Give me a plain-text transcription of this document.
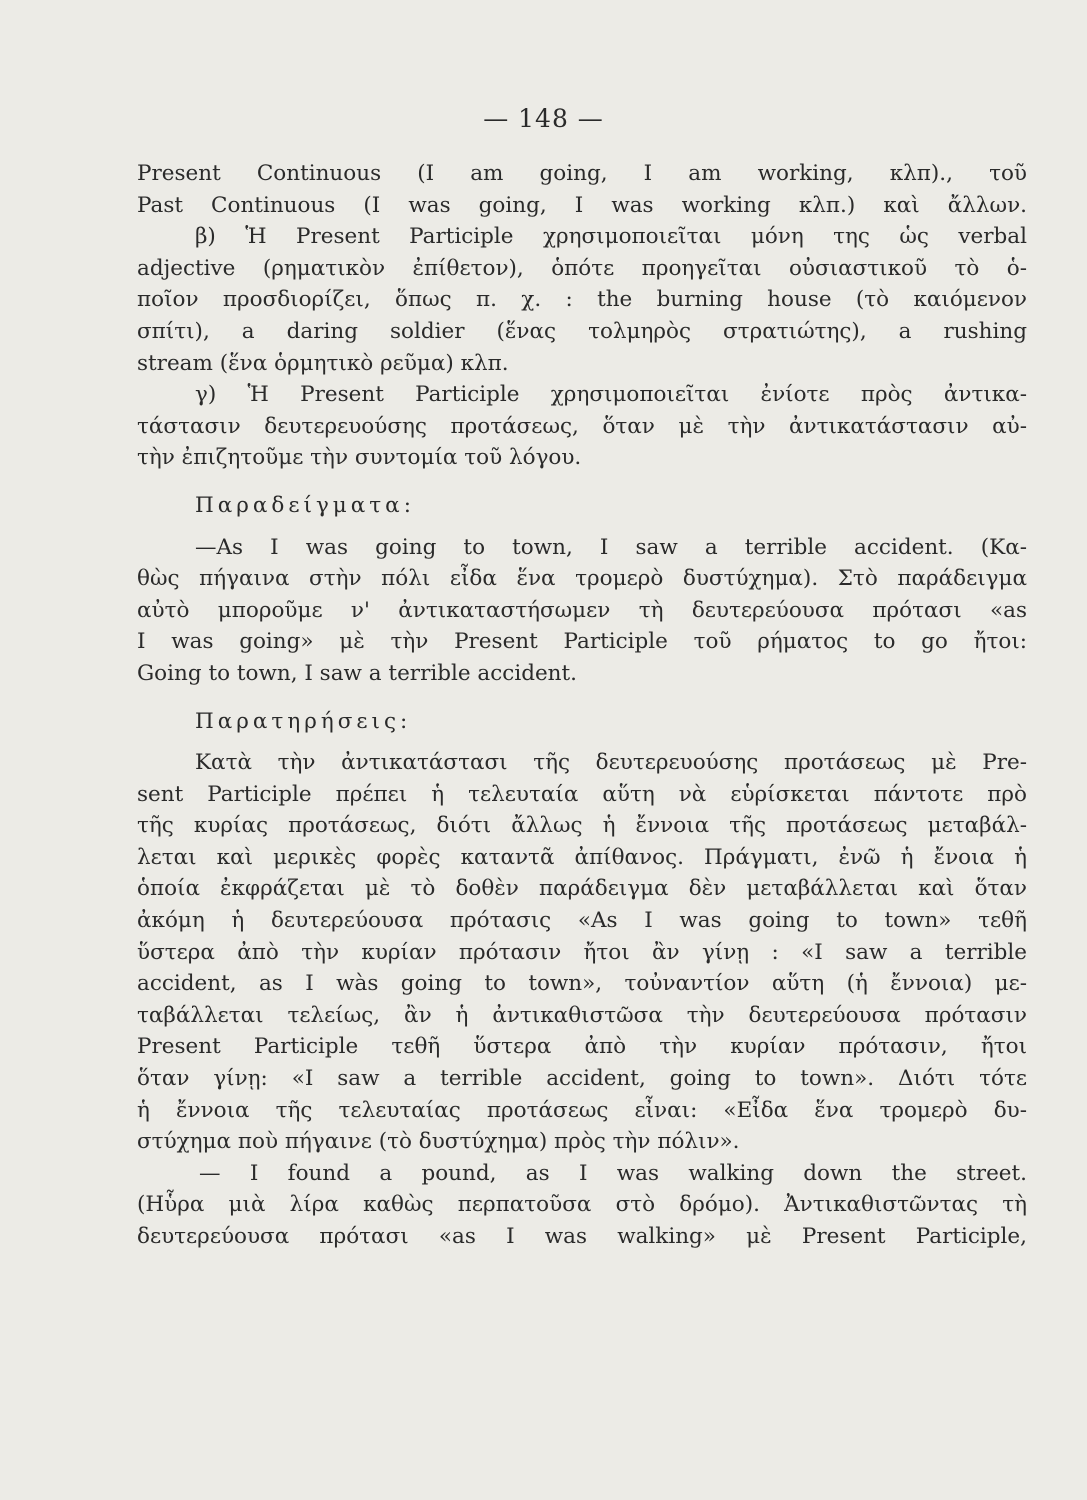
— 148 —
Present Continuous (I am going, I am working, κλπ)., τοῦ
Past Continuous (I was going, I was working κλπ.) καὶ ἄλλων.
β) Ἡ Present Participle χρησιμοποιεῖται μόνη της ὡς verbal
adjective (ρηματικὸν ἐπίθετον), ὁπότε προηγεῖται οὐσιαστικοῦ τὸ ὁ-
ποῖον προσδιορίζει, ὅπως π. χ. : the burning house (τὸ καιόμενον
σπίτι), a daring soldier (ἕνας τολμηρὸς στρατιώτης), a rushing
stream (ἕνα ὁρμητικὸ ρεῦμα) κλπ.
γ) Ἡ Present Participle χρησιμοποιεῖται ἐνίοτε πρὸς ἀντικα-
τάστασιν δευτερευούσης προτάσεως, ὅταν μὲ τὴν ἀντικατάστασιν αὐ-
τὴν ἐπιζητοῦμε τὴν συντομία τοῦ λόγου.
Παραδείγματα:
—As I was going to town, I saw a terrible accident. (Κα-
θὼς πήγαινα στὴν πόλι εἶδα ἕνα τρομερὸ δυστύχημα). Στὸ παράδειγμα
αὐτὸ μποροῦμε ν' ἀντικαταστήσωμεν τὴ δευτερεύουσα πρότασι «as
I was going» μὲ τὴν Present Participle τοῦ ρήματος to go ἤτοι:
Going to town, I saw a terrible accident.
Παρατηρήσεις:
Κατὰ τὴν ἀντικατάστασι τῆς δευτερευούσης προτάσεως μὲ Pre-
sent Participle πρέπει ἡ τελευταία αὕτη νὰ εὑρίσκεται πάντοτε πρὸ
τῆς κυρίας προτάσεως, διότι ἄλλως ἡ ἔννοια τῆς προτάσεως μεταβάλ-
λεται καὶ μερικὲς φορὲς καταντᾶ ἀπίθανος. Πράγματι, ἐνῶ ἡ ἔνοια ἡ
ὁποία ἐκφράζεται μὲ τὸ δοθὲν παράδειγμα δὲν μεταβάλλεται καὶ ὅταν
ἀκόμη ἡ δευτερεύουσα πρότασις «As I was going to town» τεθῆ
ὕστερα ἀπὸ τὴν κυρίαν πρότασιν ἤτοι ἂν γίνῃ : «I saw a terrible
accident, as I wàs going to town», τοὐναντίον αὕτη (ἡ ἔννοια) με-
ταβάλλεται τελείως, ἂν ἡ ἀντικαθιστῶσα τὴν δευτερεύουσα πρότασιν
Present Participle τεθῆ ὕστερα ἀπὸ τὴν κυρίαν πρότασιν, ἤτοι
ὅταν γίνῃ: «I saw a terrible accident, going to town». Διότι τότε
ἡ ἔννοια τῆς τελευταίας προτάσεως εἶναι: «Εἶδα ἕνα τρομερὸ δυ-
στύχημα ποὺ πήγαινε (τὸ δυστύχημα) πρὸς τὴν πόλιν».
— I found a pound, as I was walking down the street.
(Ηὗρα μιὰ λίρα καθὼς περπατοῦσα στὸ δρόμο). Ἀντικαθιστῶντας τὴ
δευτερεύουσα πρότασι «as I was walking» μὲ Present Participle,
